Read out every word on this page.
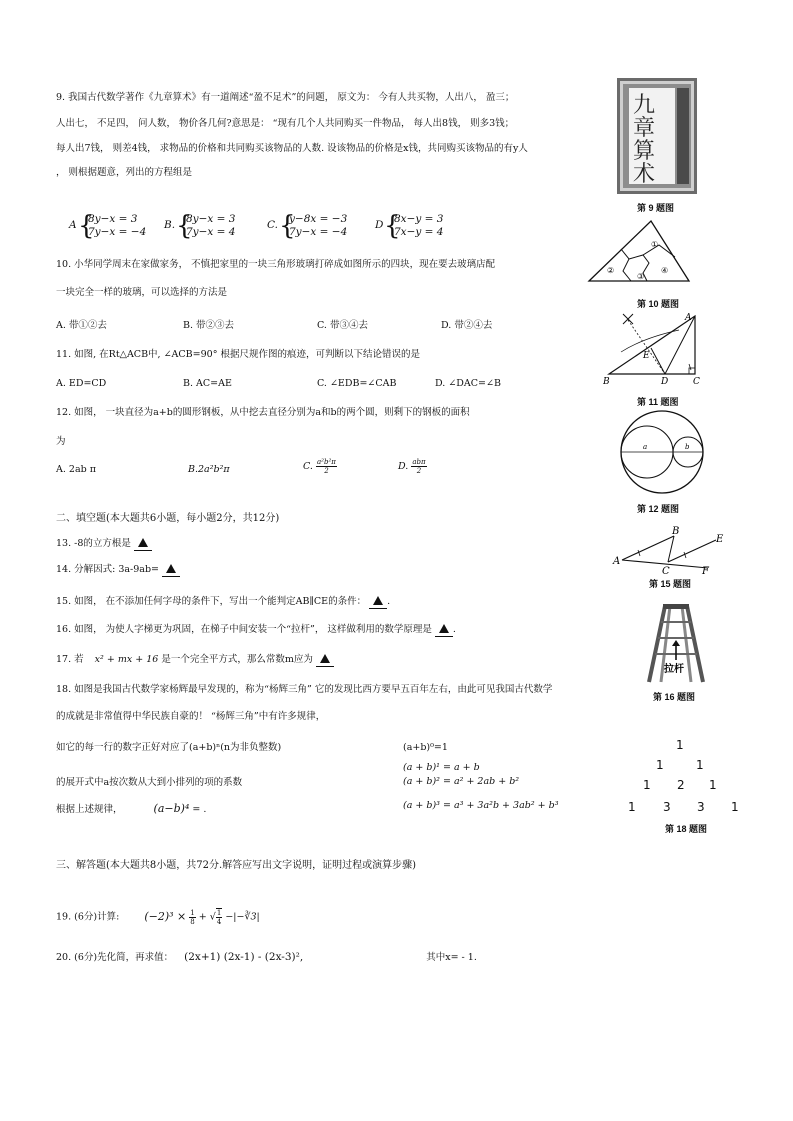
9. 我国古代数学著作《九章算术》有一道阐述“盈不足术”的问题， 原文为： 今有人共买物，人出八， 盈三；
人出七， 不足四， 问人数， 物价各几何?意思是： “现有几个人共同购买一件物品， 每人出8钱， 则多3钱；
每人出7钱， 则差4钱， 求物品的价格和共同购买该物品的人数. 设该物品的价格是x钱，共同购买该物品的有y人
， 则根据题意，列出的方程组是
A {
8y−x = 3
7y−x = −4
B. {
8y−x = 3
7y−x = 4
C. {
y−8x = −3
7y−x = −4
D {
8x−y = 3
7x−y = 4
九
章
算
术
第 9 题图
10. 小华同学周末在家做家务， 不慎把家里的一块三角形玻璃打碎成如图所示的四块，现在要去玻璃店配
一块完全一样的玻璃，可以选择的方法是
A. 带①②去	B. 带②③去	C. 带③④去	D. 带②④去
①
②
③
④
第 10 题图
11. 如图, 在Rt△ACB中, ∠ACB=90° 根据尺规作图的痕迹，可判断以下结论错误的是
A. ED=CD	B. AC=AE	C. ∠EDB=∠CAB	D. ∠DAC=∠B
A
B	C
D
E
第 11 题图
12. 如图， 一块直径为a+b的圆形钢板，从中挖去直径分别为a和b的两个圆，则剩下的钢板的面积
为
A. 2ab π	B.2a²b²π	C. $\frac{\text{a²b²π}}{2}$	D. $\frac{\text{abπ}}{2}$
a	b
第 12 题图
二、填空题(本大题共6小题，每小题2分，共12分)
13. -8的立方根是
14. 分解因式: 3a-9ab=
15. 如图， 在不添加任何字母的条件下，写出一个能判定AB∥CE的条件： .
A
B
C
E
F
第 15 题图
16. 如图， 为使人字梯更为巩固，在梯子中间安装一个“拉杆”， 这样做利用的数学原理是 .
拉杆
第 16 题图
17. 若 x² + mx + 16 是一个完全平方式，那么常数m应为
18. 如图是我国古代数学家杨辉最早发现的，称为“杨辉三角” 它的发现比西方要早五百年左右，由此可见我国古代数学
的成就是非常值得中华民族自豪的！ “杨辉三角”中有许多规律，
如它的每一行的数字正好对应了(a+b)ⁿ(n为非负整数)
的展开式中a按次数从大到小排列的项的系数
根据上述规律，	(a−b)⁴ = .
(a+b)⁰=1
(a + b)¹ = a + b
(a + b)² = a² + 2ab + b²
(a + b)³ = a³ + 3a²b + 3ab² + b³
1
1	1
1 2 1
1 3 3 1
第 18 题图
三、解答题(本大题共8小题，共72分.解答应写出文字说明，证明过程或演算步骤)
19. (6分)计算: $(-2)^3 \times \frac{1}{8}$ + √ $\frac{1}{4}$ −|−∛3|
20. (6分)先化简，再求值： (2x+1) (2x-1) - (2x-3)²,	其中x= - 1.
